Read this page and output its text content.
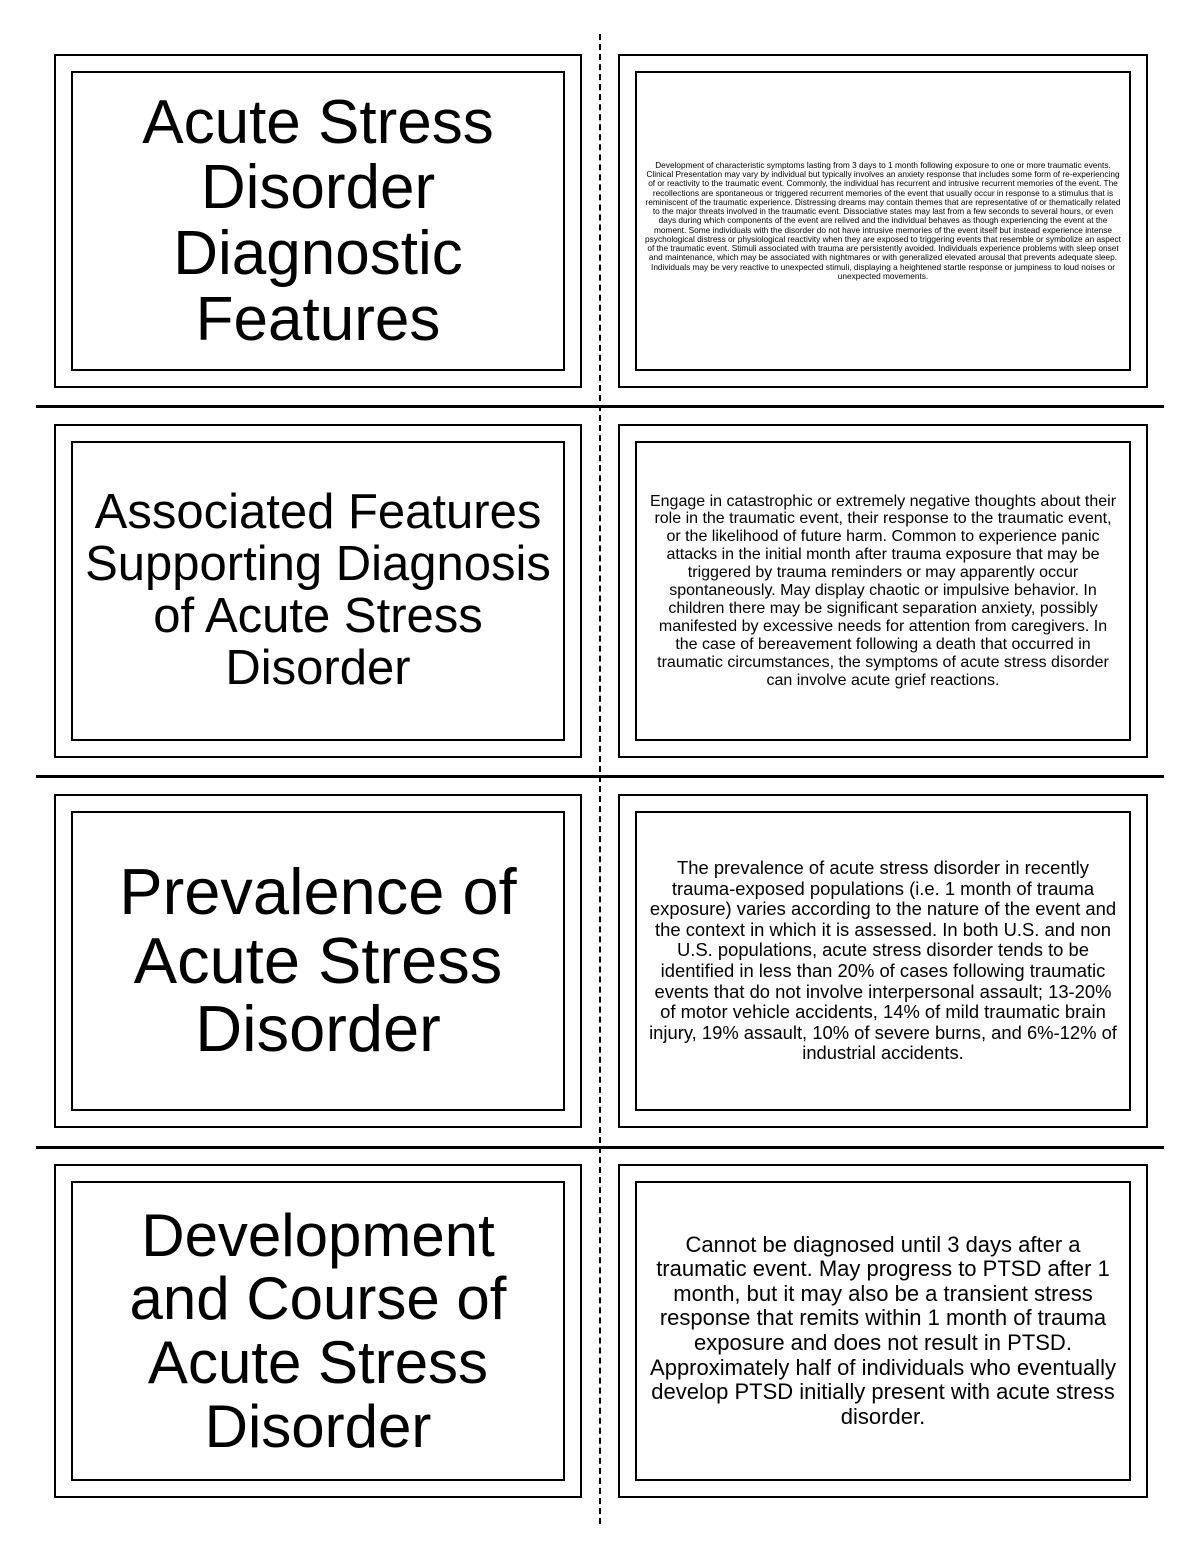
Acute Stress Disorder Diagnostic Features
Development of characteristic symptoms lasting from 3 days to 1 month following exposure to one or more traumatic events. Clinical Presentation may vary by individual but typically involves an anxiety response that includes some form of re-experiencing of or reactivity to the traumatic event. Commonly, the individual has recurrent and intrusive recurrent memories of the event. The recollections are spontaneous or triggered recurrent memories of the event that usually occur in response to a stimulus that is reminiscent of the traumatic experience. Distressing dreams may contain themes that are representative of or thematically related to the major threats involved in the traumatic event. Dissociative states may last from a few seconds to several hours, or even days during which components of the event are relived and the individual behaves as though experiencing the event at the moment. Some individuals with the disorder do not have intrusive memories of the event itself but instead experience intense psychological distress or physiological reactivity when they are exposed to triggering events that resemble or symbolize an aspect of the traumatic event. Stimuli associated with trauma are persistently avoided. Individuals experience problems with sleep onset and maintenance, which may be associated with nightmares or with generalized elevated arousal that prevents adequate sleep. Individuals may be very reactive to unexpected stimuli, displaying a heightened startle response or jumpiness to loud noises or unexpected movements.
Associated Features Supporting Diagnosis of Acute Stress Disorder
Engage in catastrophic or extremely negative thoughts about their role in the traumatic event, their response to the traumatic event, or the likelihood of future harm. Common to experience panic attacks in the initial month after trauma exposure that may be triggered by trauma reminders or may apparently occur spontaneously. May display chaotic or impulsive behavior. In children there may be significant separation anxiety, possibly manifested by excessive needs for attention from caregivers. In the case of bereavement following a death that occurred in traumatic circumstances, the symptoms of acute stress disorder can involve acute grief reactions.
Prevalence of Acute Stress Disorder
The prevalence of acute stress disorder in recently trauma-exposed populations (i.e. 1 month of trauma exposure) varies according to the nature of the event and the context in which it is assessed. In both U.S. and non U.S. populations, acute stress disorder tends to be identified in less than 20% of cases following traumatic events that do not involve interpersonal assault; 13-20% of motor vehicle accidents, 14% of mild traumatic brain injury, 19% assault, 10% of severe burns, and 6%-12% of industrial accidents.
Development and Course of Acute Stress Disorder
Cannot be diagnosed until 3 days after a traumatic event. May progress to PTSD after 1 month, but it may also be a transient stress response that remits within 1 month of trauma exposure and does not result in PTSD. Approximately half of individuals who eventually develop PTSD initially present with acute stress disorder.
